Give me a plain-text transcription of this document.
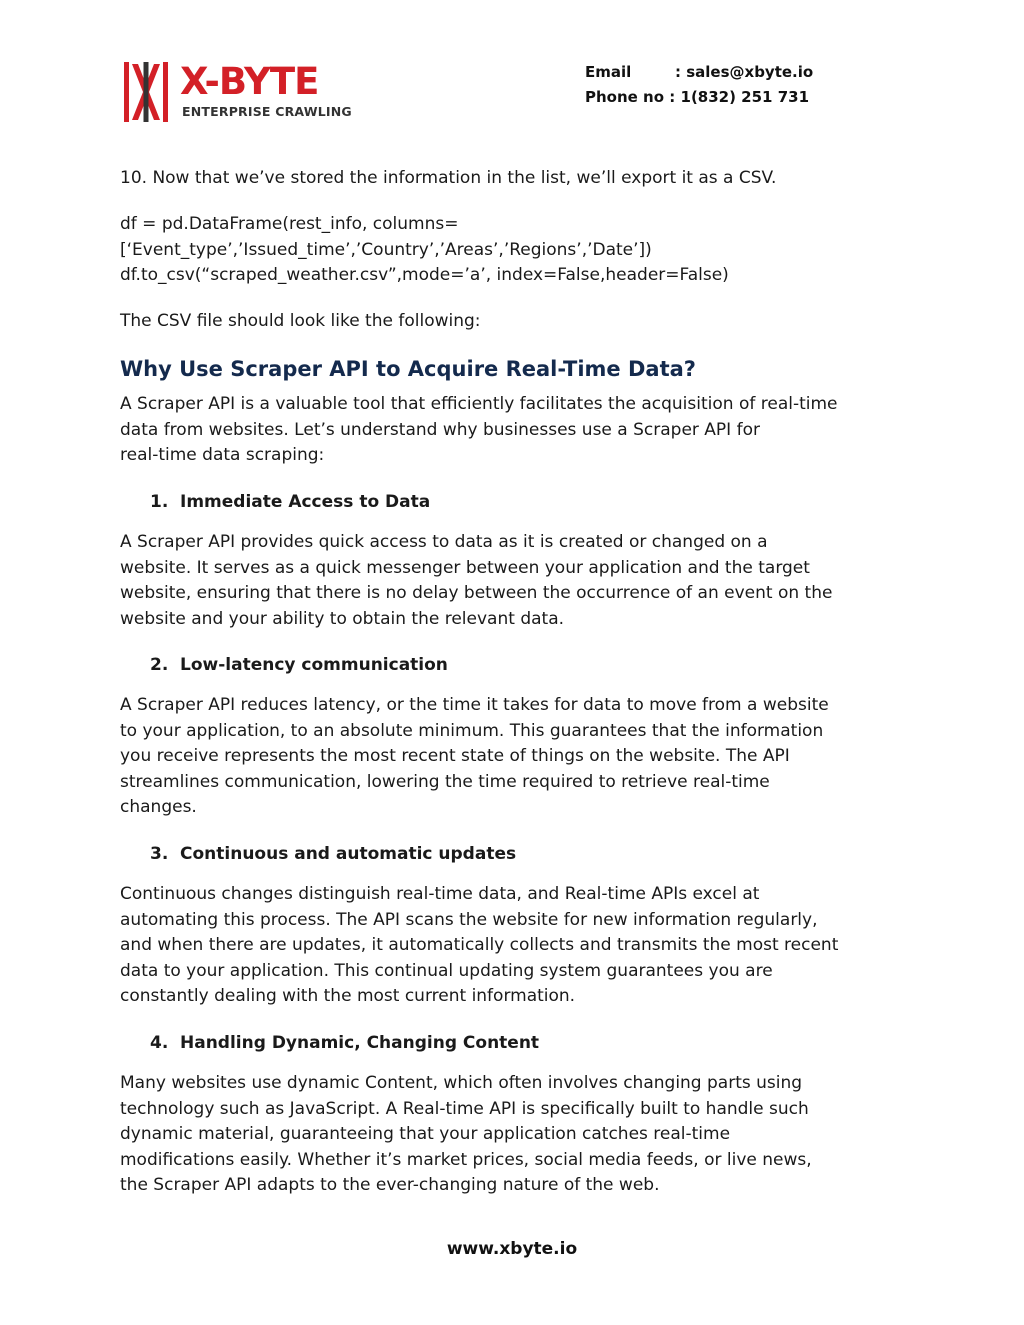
X-BYTE
ENTERPRISE CRAWLING
Email	: sales@xbyte.io
Phone no : 1(832) 251 731

10. Now that we’ve stored the information in the list, we’ll export it as a CSV.

df = pd.DataFrame(rest_info, columns=

[‘Event_type’,’Issued_time’,’Country’,’Areas’,’Regions’,’Date’])

df.to_csv(“scraped_weather.csv”,mode=’a’, index=False,header=False)

The CSV file should look like the following:

Why Use Scraper API to Acquire Real-Time Data?

A Scraper API is a valuable tool that efficiently facilitates the acquisition of real-time

data from websites. Let’s understand why businesses use a Scraper API for

real-time data scraping:

1. Immediate Access to Data

A Scraper API provides quick access to data as it is created or changed on a

website. It serves as a quick messenger between your application and the target

website, ensuring that there is no delay between the occurrence of an event on the

website and your ability to obtain the relevant data.

2. Low-latency communication

A Scraper API reduces latency, or the time it takes for data to move from a website

to your application, to an absolute minimum. This guarantees that the information

you receive represents the most recent state of things on the website. The API

streamlines communication, lowering the time required to retrieve real-time

changes.

3. Continuous and automatic updates

Continuous changes distinguish real-time data, and Real-time APIs excel at

automating this process. The API scans the website for new information regularly,

and when there are updates, it automatically collects and transmits the most recent

data to your application. This continual updating system guarantees you are

constantly dealing with the most current information.

4. Handling Dynamic, Changing Content

Many websites use dynamic Content, which often involves changing parts using

technology such as JavaScript. A Real-time API is specifically built to handle such

dynamic material, guaranteeing that your application catches real-time

modifications easily. Whether it’s market prices, social media feeds, or live news,

the Scraper API adapts to the ever-changing nature of the web.

www.xbyte.io
